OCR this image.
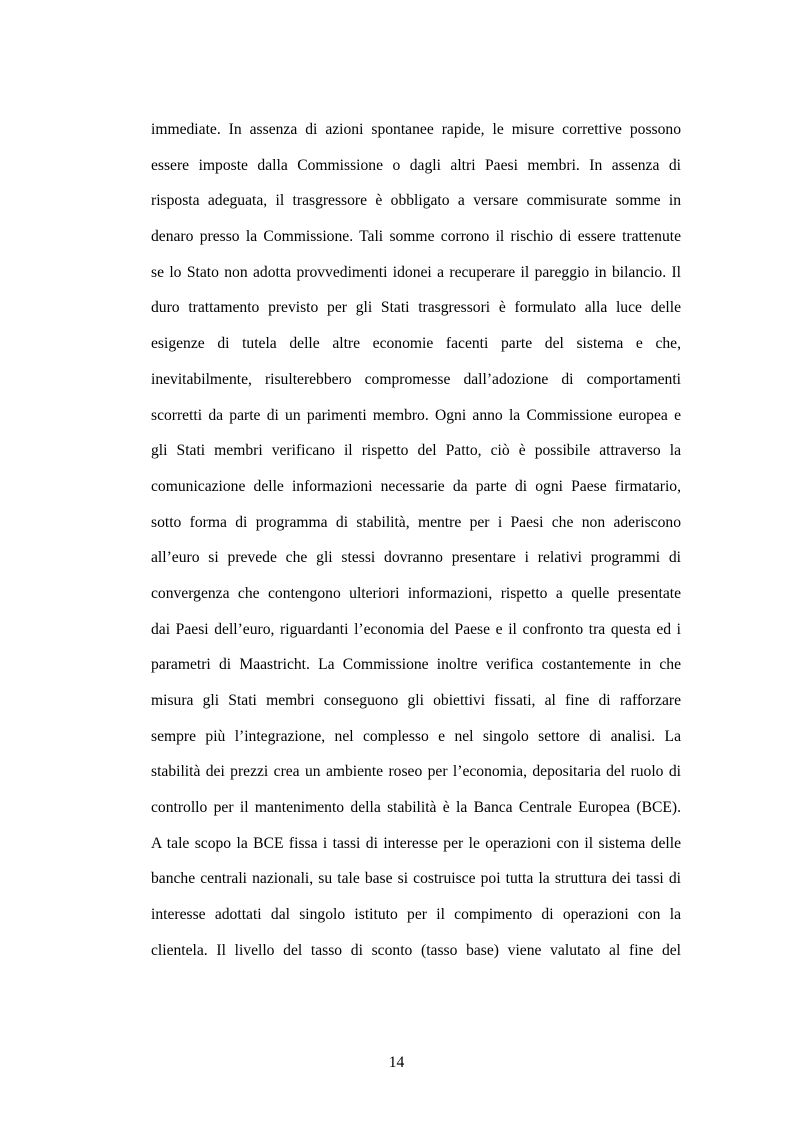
immediate. In assenza di azioni spontanee rapide, le misure correttive possono
essere imposte dalla Commissione o dagli altri Paesi membri. In assenza di
risposta adeguata, il trasgressore è obbligato a versare commisurate somme in
denaro presso la Commissione. Tali somme corrono il rischio di essere trattenute
se lo Stato non adotta provvedimenti idonei a recuperare il pareggio in bilancio. Il
duro trattamento previsto per gli Stati trasgressori è formulato alla luce delle
esigenze di tutela delle altre economie facenti parte del sistema e che,
inevitabilmente, risulterebbero compromesse dall’adozione di comportamenti
scorretti da parte di un parimenti membro. Ogni anno la Commissione europea e
gli Stati membri verificano il rispetto del Patto, ciò è possibile attraverso la
comunicazione delle informazioni necessarie da parte di ogni Paese firmatario,
sotto forma di programma di stabilità, mentre per i Paesi che non aderiscono
all’euro si prevede che gli stessi dovranno presentare i relativi programmi di
convergenza che contengono ulteriori informazioni, rispetto a quelle presentate
dai Paesi dell’euro, riguardanti l’economia del Paese e il confronto tra questa ed i
parametri di Maastricht. La Commissione inoltre verifica costantemente in che
misura gli Stati membri conseguono gli obiettivi fissati, al fine di rafforzare
sempre più l’integrazione, nel complesso e nel singolo settore di analisi. La
stabilità dei prezzi crea un ambiente roseo per l’economia, depositaria del ruolo di
controllo per il mantenimento della stabilità è la Banca Centrale Europea (BCE).
A tale scopo la BCE fissa i tassi di interesse per le operazioni con il sistema delle
banche centrali nazionali, su tale base si costruisce poi tutta la struttura dei tassi di
interesse adottati dal singolo istituto per il compimento di operazioni con la
clientela. Il livello del tasso di sconto (tasso base) viene valutato al fine del
14
